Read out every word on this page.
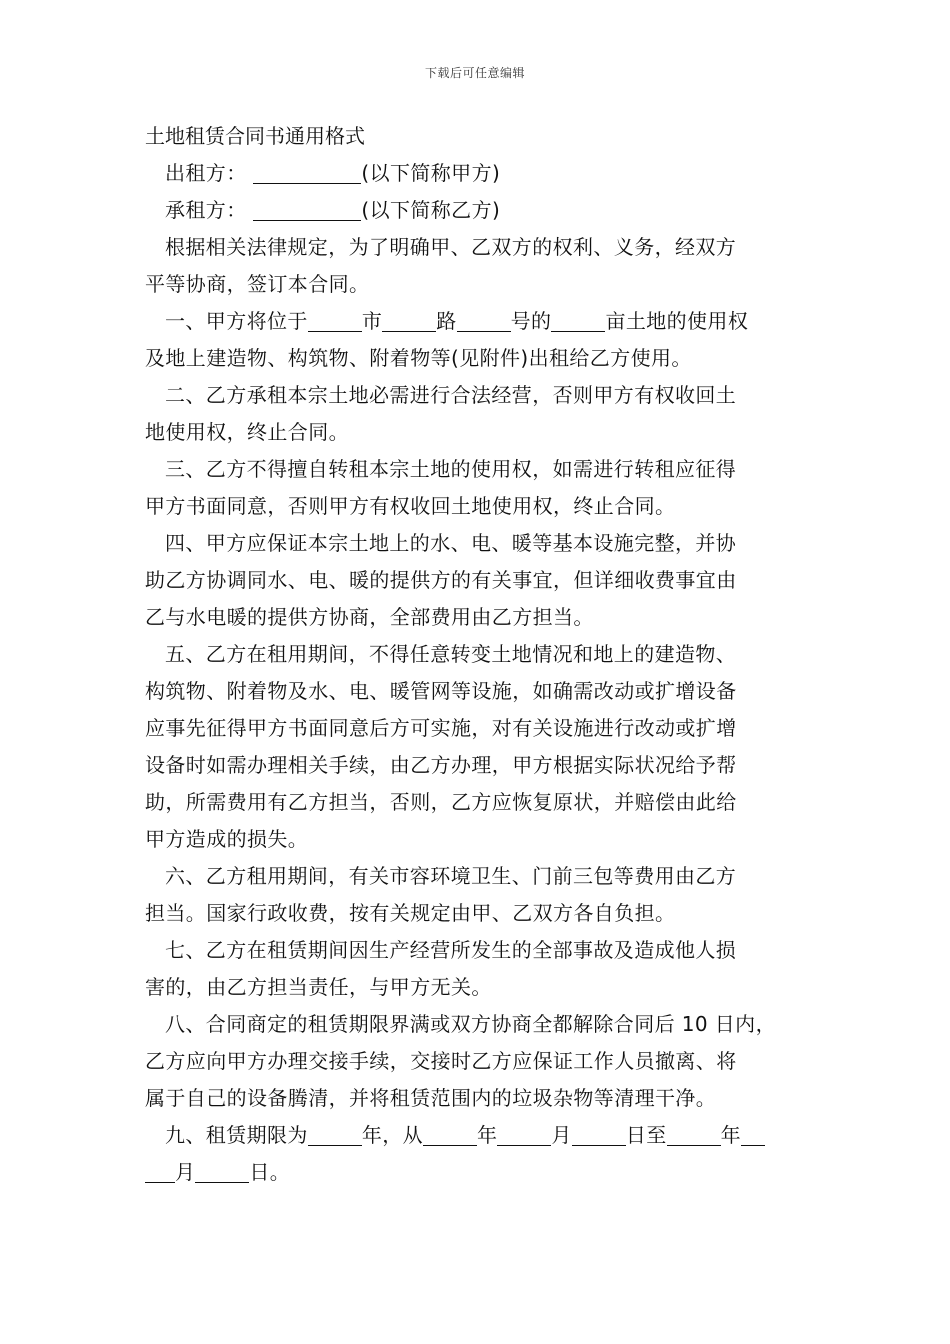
下载后可任意编辑
土地租赁合同书通用格式
出租方：	(以下简称甲方)
承租方：	(以下简称乙方)
根据相关法律规定，为了明确甲、乙双方的权利、义务，经双方
平等协商，签订本合同。
一、甲方将位于	市	路	号的	亩土地的使用权
及地上建造物、构筑物、附着物等(见附件)出租给乙方使用。
二、乙方承租本宗土地必需进行合法经营，否则甲方有权收回土
地使用权，终止合同。
三、乙方不得擅自转租本宗土地的使用权，如需进行转租应征得
甲方书面同意，否则甲方有权收回土地使用权，终止合同。
四、甲方应保证本宗土地上的水、电、暖等基本设施完整，并协
助乙方协调同水、电、暖的提供方的有关事宜，但详细收费事宜由
乙与水电暖的提供方协商，全部费用由乙方担当。
五、乙方在租用期间，不得任意转变土地情况和地上的建造物、
构筑物、附着物及水、电、暖管网等设施，如确需改动或扩增设备
应事先征得甲方书面同意后方可实施，对有关设施进行改动或扩增
设备时如需办理相关手续，由乙方办理，甲方根据实际状况给予帮
助，所需费用有乙方担当，否则，乙方应恢复原状，并赔偿由此给
甲方造成的损失。
六、乙方租用期间，有关市容环境卫生、门前三包等费用由乙方
担当。国家行政收费，按有关规定由甲、乙双方各自负担。
七、乙方在租赁期间因生产经营所发生的全部事故及造成他人损
害的，由乙方担当责任，与甲方无关。
八、合同商定的租赁期限界满或双方协商全都解除合同后 10 日内，
乙方应向甲方办理交接手续，交接时乙方应保证工作人员撤离、将
属于自己的设备腾清，并将租赁范围内的垃圾杂物等清理干净。
九、租赁期限为	年，从	年	月	日至	年
月	日。
